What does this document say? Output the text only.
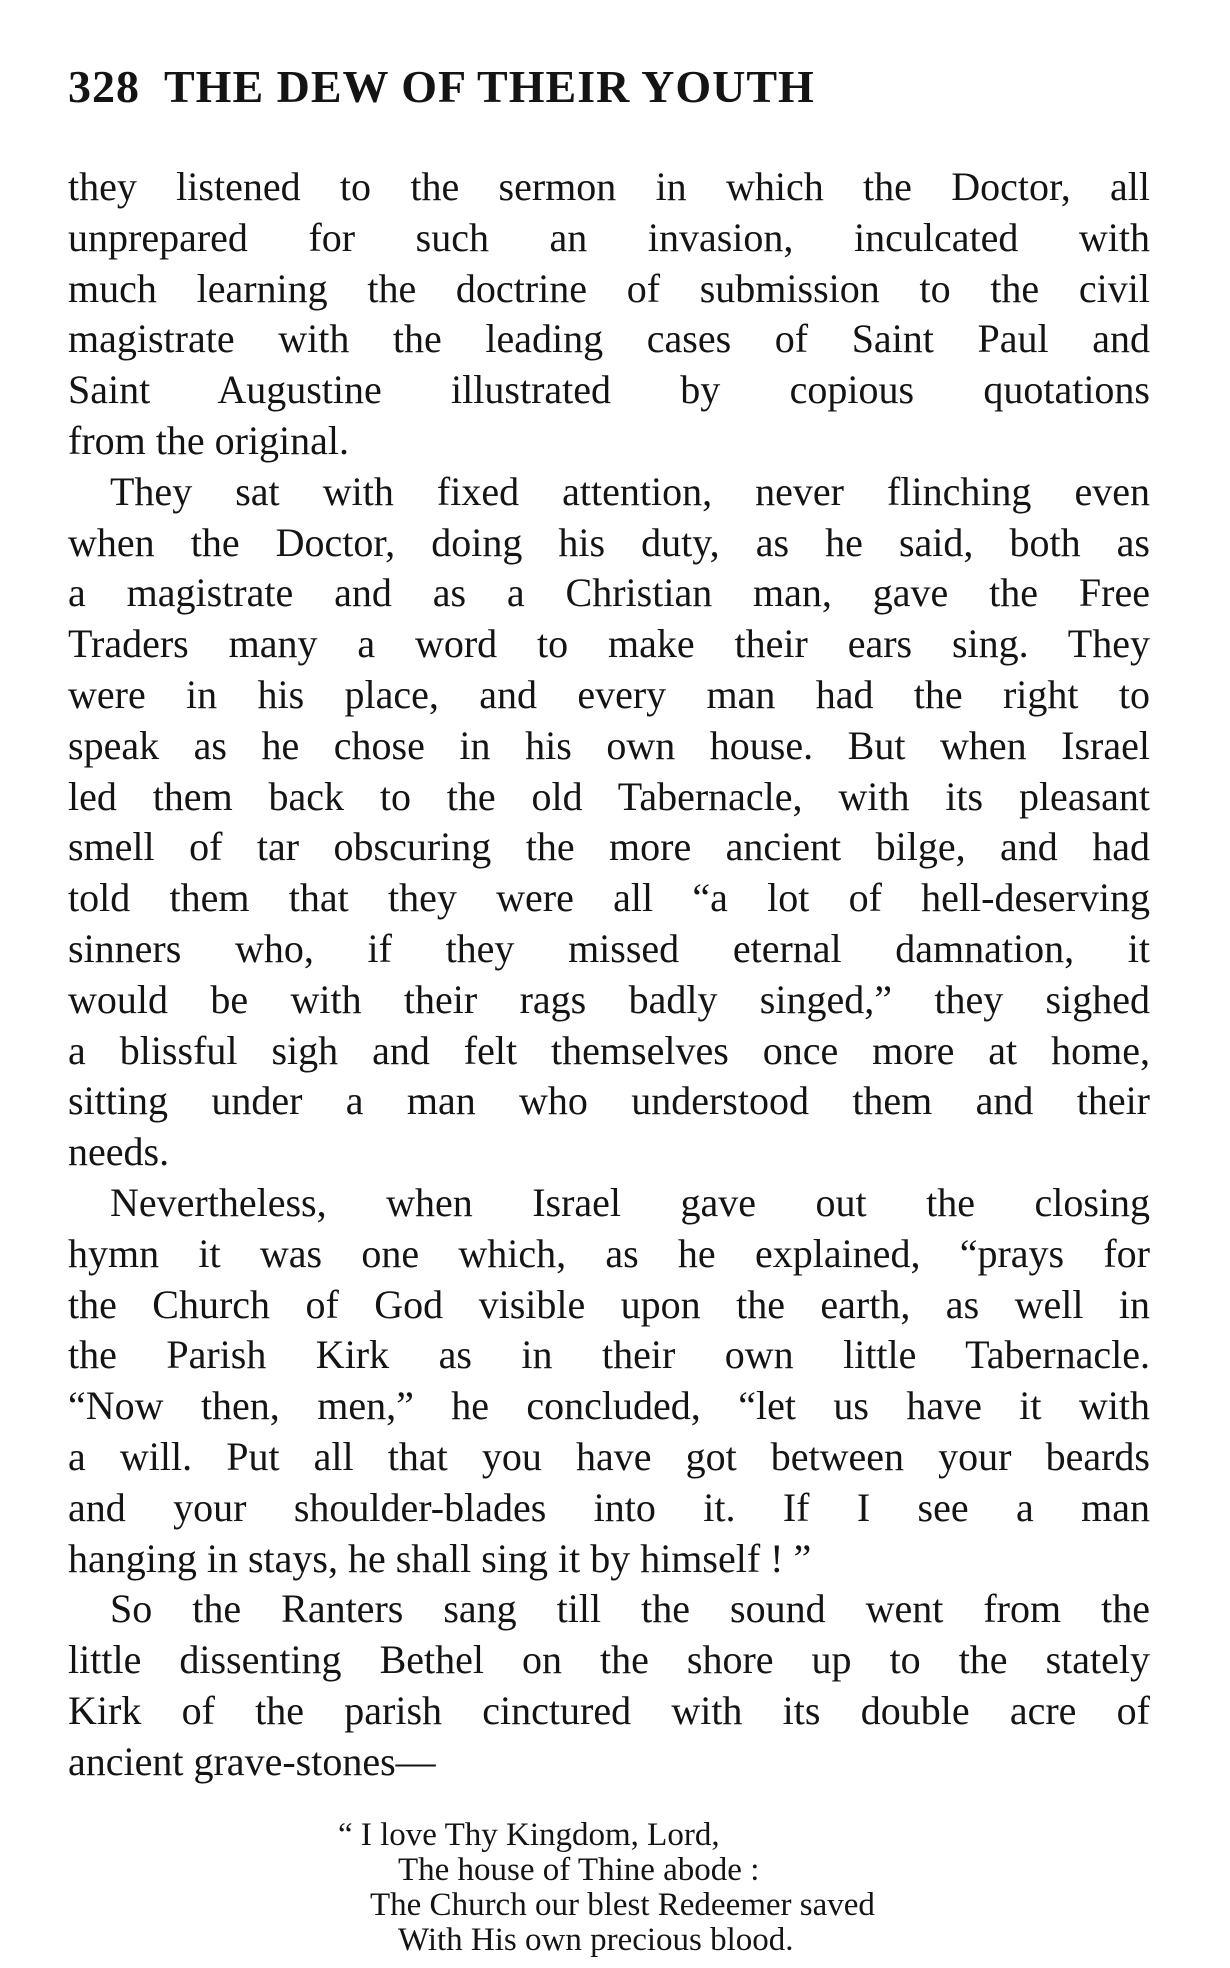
328 THE DEW OF THEIR YOUTH
they listened to the sermon in which the Doctor, all
unprepared for such an invasion, inculcated with
much learning the doctrine of submission to the civil
magistrate with the leading cases of Saint Paul and
Saint Augustine illustrated by copious quotations
from the original.
They sat with fixed attention, never flinching even
when the Doctor, doing his duty, as he said, both as
a magistrate and as a Christian man, gave the Free
Traders many a word to make their ears sing. They
were in his place, and every man had the right to
speak as he chose in his own house. But when Israel
led them back to the old Tabernacle, with its pleasant
smell of tar obscuring the more ancient bilge, and had
told them that they were all “a lot of hell-deserving
sinners who, if they missed eternal damnation, it
would be with their rags badly singed,” they sighed
a blissful sigh and felt themselves once more at home,
sitting under a man who understood them and their
needs.
Nevertheless, when Israel gave out the closing
hymn it was one which, as he explained, “prays for
the Church of God visible upon the earth, as well in
the Parish Kirk as in their own little Tabernacle.
“Now then, men,” he concluded, “let us have it with
a will. Put all that you have got between your beards
and your shoulder-blades into it. If I see a man
hanging in stays, he shall sing it by himself ! ”
So the Ranters sang till the sound went from the
little dissenting Bethel on the shore up to the stately
Kirk of the parish cinctured with its double acre of
ancient grave-stones—
“ I love Thy Kingdom, Lord,
The house of Thine abode :
The Church our blest Redeemer saved
With His own precious blood.
